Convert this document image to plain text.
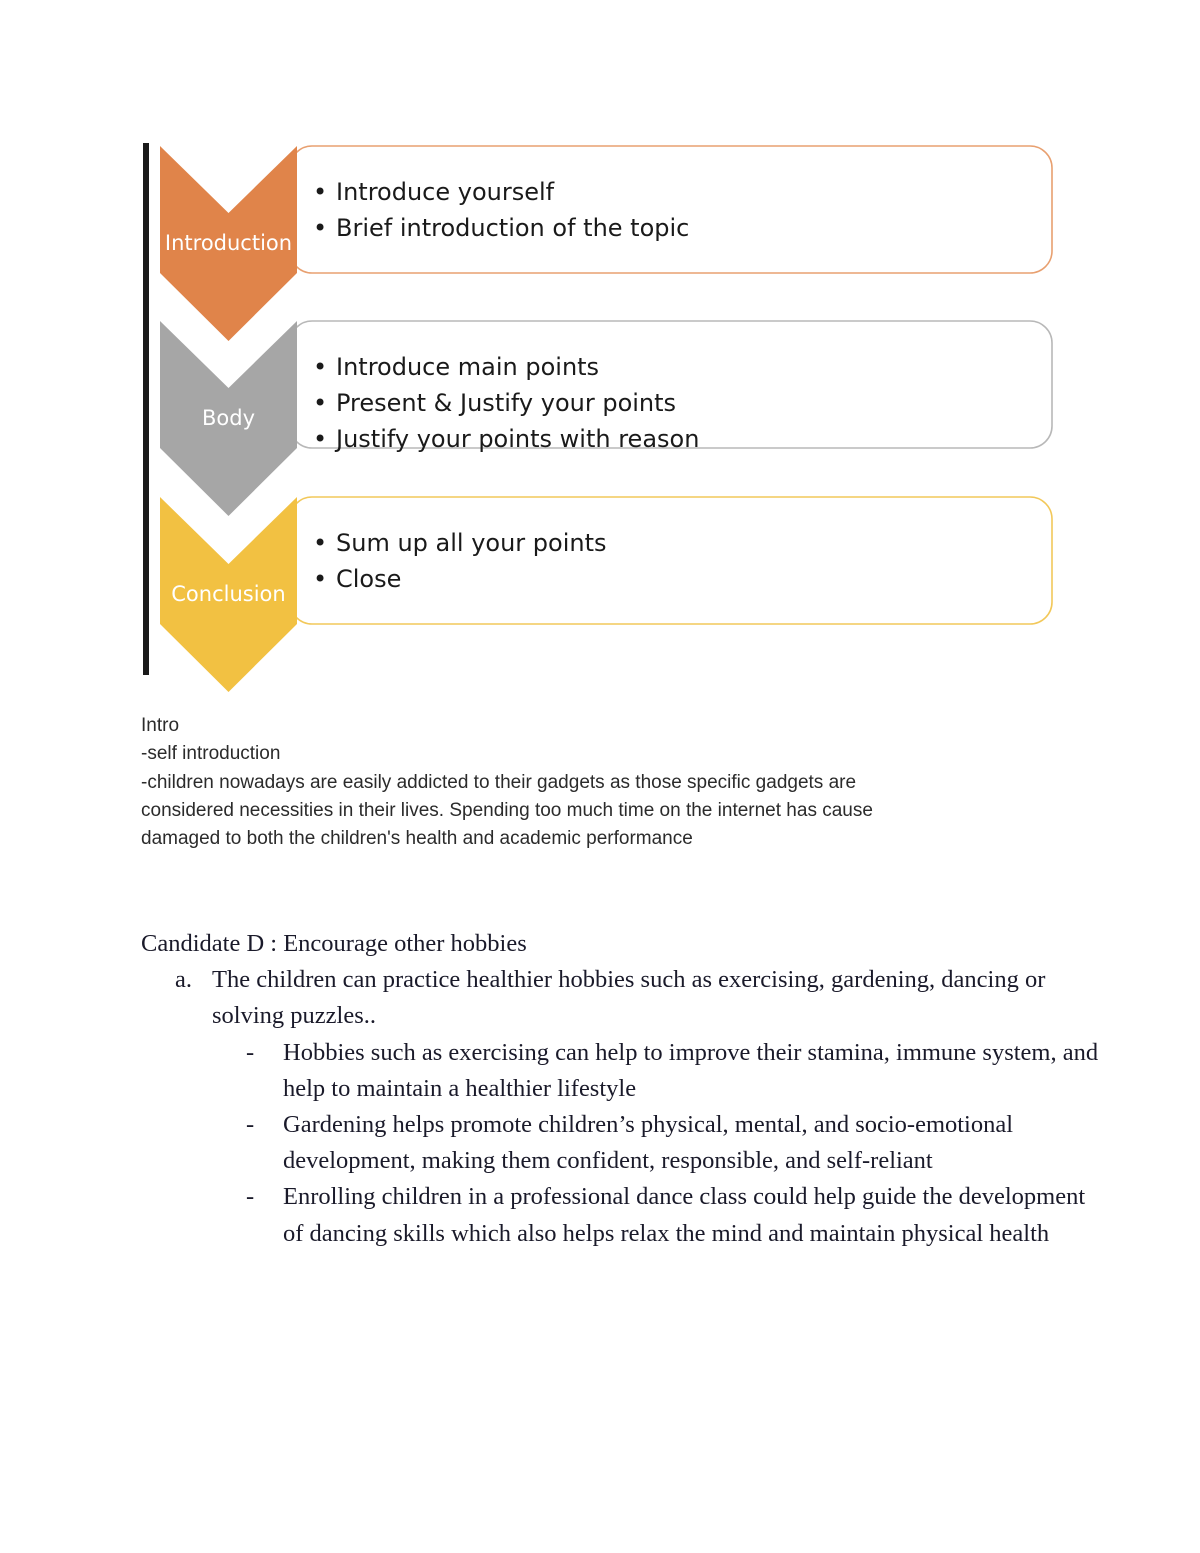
Introduction
• Introduce yourself
• Brief introduction of the topic
Body
• Introduce main points
• Present & Justify your points
• Justify your points with reason
Conclusion
• Sum up all your points
• Close
Intro
-self introduction
-children nowadays are easily addicted to their gadgets as those specific gadgets are
considered necessities in their lives. Spending too much time on the internet has cause
damaged to both the children's health and academic performance
Candidate D : Encourage other hobbies
a. The children can practice healthier hobbies such as exercising, gardening, dancing or solving puzzles..
- Hobbies such as exercising can help to improve their stamina, immune system, and help to maintain a healthier lifestyle
- Gardening helps promote children’s physical, mental, and socio-emotional development, making them confident, responsible, and self-reliant
- Enrolling children in a professional dance class could help guide the development of dancing skills which also helps relax the mind and maintain physical health
